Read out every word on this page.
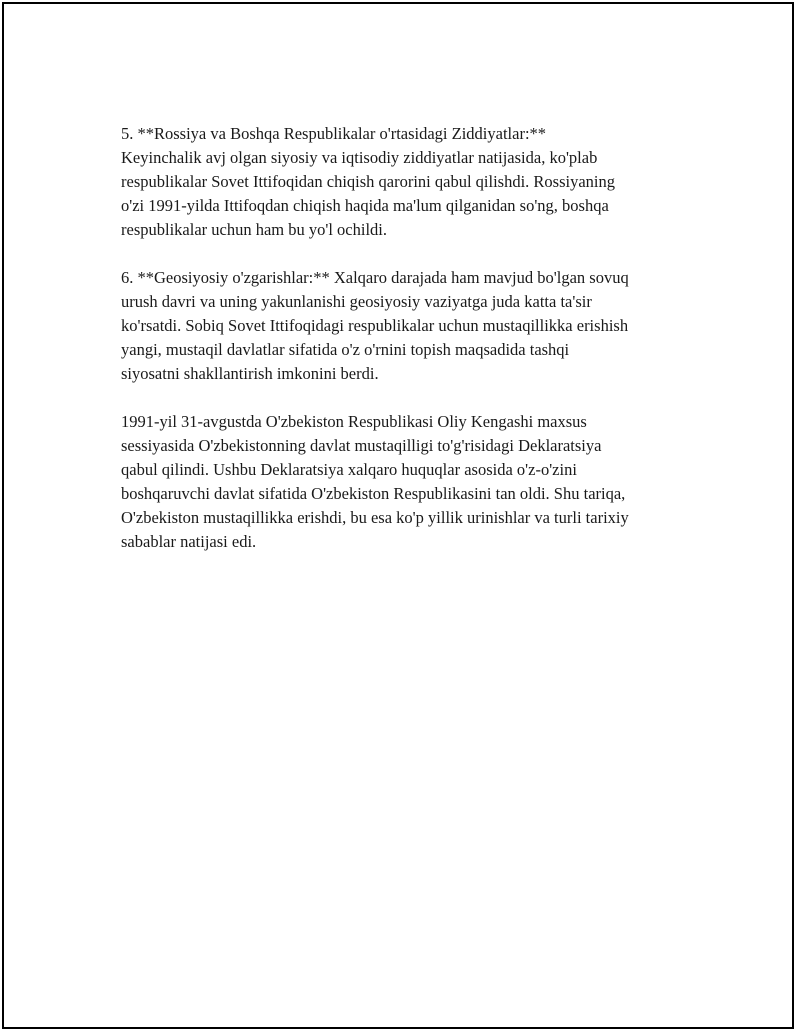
5. **Rossiya va Boshqa Respublikalar o'rtasidagi Ziddiyatlar:**
Keyinchalik avj olgan siyosiy va iqtisodiy ziddiyatlar natijasida, ko'plab
respublikalar Sovet Ittifoqidan chiqish qarorini qabul qilishdi. Rossiyaning
o'zi 1991-yilda Ittifoqdan chiqish haqida ma'lum qilganidan so'ng, boshqa
respublikalar uchun ham bu yo'l ochildi.

6. **Geosiyosiy o'zgarishlar:** Xalqaro darajada ham mavjud bo'lgan sovuq
urush davri va uning yakunlanishi geosiyosiy vaziyatga juda katta ta'sir
ko'rsatdi. Sobiq Sovet Ittifoqidagi respublikalar uchun mustaqillikka erishish
yangi, mustaqil davlatlar sifatida o'z o'rnini topish maqsadida tashqi
siyosatni shakllantirish imkonini berdi.

1991-yil 31-avgustda O'zbekiston Respublikasi Oliy Kengashi maxsus
sessiyasida O'zbekistonning davlat mustaqilligi to'g'risidagi Deklaratsiya
qabul qilindi. Ushbu Deklaratsiya xalqaro huquqlar asosida o'z-o'zini
boshqaruvchi davlat sifatida O'zbekiston Respublikasini tan oldi. Shu tariqa,
O'zbekiston mustaqillikka erishdi, bu esa ko'p yillik urinishlar va turli tarixiy
sabablar natijasi edi.
